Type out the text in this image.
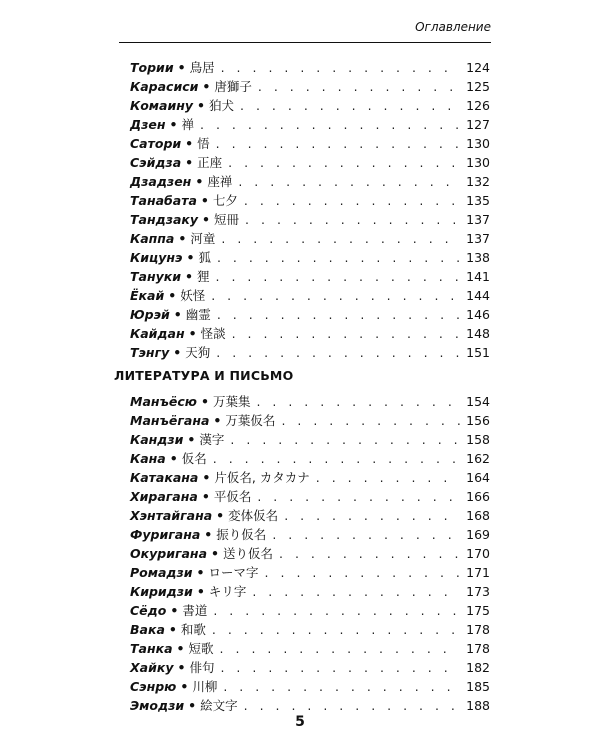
Оглавление
Тории • 鳥居 . . .	124
Карасиси • 唐獅子 . . .	125
Комаину • 狛犬 . . .	126
Дзен • 禅 . . .	127
Сатори • 悟 . . .	130
Сэйдза • 正座 . . .	130
Дзадзен • 座禅 . . .	132
Танабата • 七夕 . . .	135
Тандзаку • 短冊 . . .	137
Каппа • 河童 . . .	137
Кицунэ • 狐 . . .	138
Тануки • 狸 . . .	141
Ёкай • 妖怪 . . .	144
Юрэй • 幽霊 . . .	146
Кайдан • 怪談 . . .	148
Тэнгу • 天狗 . . .	151
ЛИТЕРАТУРА И ПИСЬМО
Манъёсю • 万葉集 . . .	154
Манъёгана • 万葉仮名 . . .	156
Кандзи • 漢字 . . .	158
Кана • 仮名 . . .	162
Катакана • 片仮名, カタカナ . . .	164
Хирагана • 平仮名 . . .	166
Хэнтайгана • 変体仮名 . . .	168
Фуригана • 振り仮名 . . .	169
Окуригана • 送り仮名 . . .	170
Ромадзи • ローマ字 . . .	171
Киридзи • キリ字 . . .	173
Сёдо • 書道 . . .	175
Вака • 和歌 . . .	178
Танка • 短歌 . . .	178
Хайку • 俳句 . . .	182
Сэнрю • 川柳 . . .	185
Эмодзи • 絵文字 . . .	188
5
